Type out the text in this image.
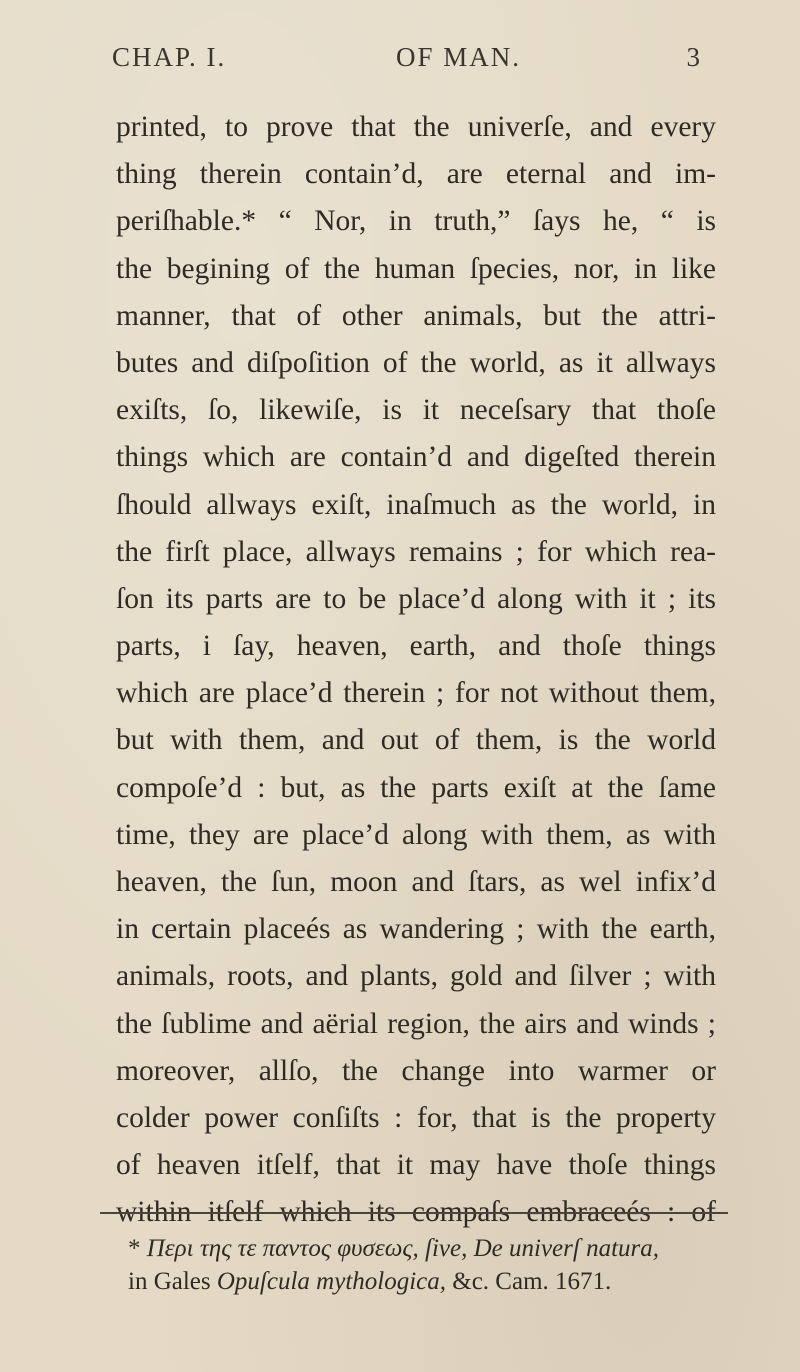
CHAP. I.	OF MAN.	3
printed, to prove that the univerſe, and every
thing therein contain’d, are eternal and im-
periſhable.* “ Nor, in truth,” ſays he, “ is
the begining of the human ſpecies, nor, in like
manner, that of other animals, but the attri-
butes and diſpoſition of the world, as it allways
exiſts, ſo, likewiſe, is it neceſsary that thoſe
things which are contain’d and digeſted therein
ſhould allways exiſt, inaſmuch as the world, in
the firſt place, allways remains ; for which rea-
ſon its parts are to be place’d along with it ; its
parts, i ſay, heaven, earth, and thoſe things
which are place’d therein ; for not without them,
but with them, and out of them, is the world
compoſe’d : but, as the parts exiſt at the ſame
time, they are place’d along with them, as with
heaven, the ſun, moon and ſtars, as wel infix’d
in certain placeés as wandering ; with the earth,
animals, roots, and plants, gold and ſilver ; with
the ſublime and aërial region, the airs and winds ;
moreover, allſo, the change into warmer or
colder power conſiſts : for, that is the property
of heaven itſelf, that it may have thoſe things
within itſelf which its compaſs embraceés : of
* Περι της τε παντος φυσεως, ſive, De univerſ natura,
in Gales Opuſcula mythologica, &c. Cam. 1671.
